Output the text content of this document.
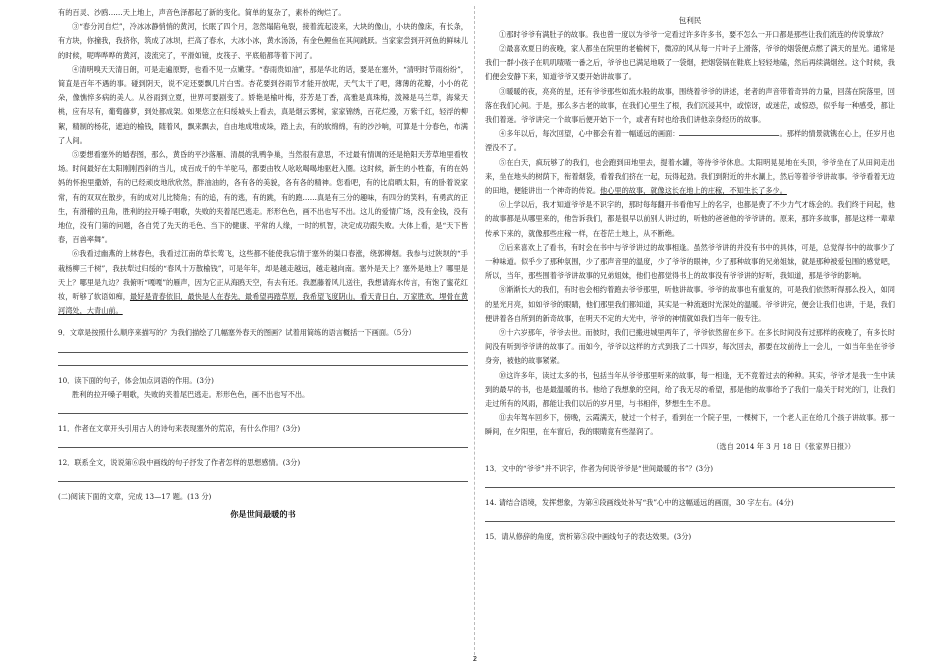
有的百灵、沙鸥……天上地上，声音色泽都起了新的变化。简单的复杂了，素朴的绚烂了。

③“春分河自烂”，冷冰冰静悄悄的黄河，长眠了四个月，忽然塌陷龟裂，接着流起凌来，大块的像山，小块的像床，有长条，有方块，你撞我，我挤你，筑成了冰坝，拦高了春水，大冰小冰，黄水汤汤，有金色鲤鱼在其间跳跃。当家家尝到开河鱼的鲜味儿的时候，呢哗哗哗的黄河，凌流完了，平滑如镜，皮筏子、平底船都等着下河了。

④清明嗅天天清日朗，可是走遍原野，也看不见一点嫩芽。“春雨贵如油”，那是华北的话，要是在塞外，“清明时节雨纷纷”，简直是百年不遇的事。碰到阴天，说不定还要飘几片白雪。杏花要到谷雨节才能开放呢，天气太干了吧，薄薄的花瓣，小小的花朵，像憔悴多病的美人。从谷雨到立夏，世界可要剧变了。娇艳是榆叶梅，芬芳是丁香，高雅是真珠梅，泼辣是马兰草，海棠天桃，应有尽有，葡萄藤萝，到处都成架。如果您立在归绥城头上看去，真是烟云雾树，家家锦绣，百花烂漫，万紫千红，轻浮的柳絮，精制的杨花，遮迫的榆钱，随着风，飘来飘去，自由地成堆成垛，踏上去，有的软绵绵，有的沙沙响，可算是十分春色，布满了人间。

⑤要想看塞外的婚春图，那么，黄昏的平沙落雁、清晨的乳鸭争巢，当然很有意思，不过最有情调的还是艳阳天芳草地里看牧场。时间最好在太阳刚刚西斜的当儿，成百成千的牛羊驼马，都要由牧人吆吆喝喝地驱赶入圈。这时候，新生的小牲畜，有的在妈妈的怀抱里撒娇，有的已经顽皮地欣欣然，胖油油的，各有各的美貌，各有各的精神。您看吧，有的比肩晒太阳，有的卧着说家常，有的双双在散步，有的成对儿比犄角；有的追，有的逃，有的跳，有的跑……真是有三分的趣味，有四分的笑料，有勇武的正生，有滑稽的丑角，胜利的拉开嗓子唱歌，失败的夹着尾巴逃走。形形色色，画不出也写不出。这儿的爱情广场，没有金钱，没有地位，没有门第的问题，各自凭了先天的毛色、当下的健康、平常的人缘，一时的机智，决定成功跟失败。大体上看，是“天下皆春，百兽率舞”。

⑥我看过幽燕的上林春色，我看过江南的草长莺飞，这些都不能使我忘情于塞外的渠口春涨，绕郭柳烟。我参与过陕坝的“手栽杨柳三千树”，我扶犁过归绥的“春风十万散榆钱”，可是年年，却是越走越远，越走越向南。塞外是天上？塞外是地上？哪里是天上？哪里是九边？我俯听“嘎嘎”的雁声，因为它正从海鸥天空，有去有还。我愿藤着风儿送往，我想请海水传言，有饱了蜜花红妆，听够了软语如痴，最好是青春依旧，最快是人在春先，最希望再踏草原，我希望飞度阴山，看天青日白，万家胜欢，埋骨在黄河湾处，大青山前。

9．文章是按照什么顺序来描写的？为我们描绘了几幅塞外春天的图画？试着用简练的语言概括一下画面。（5分）

10．读下面的句子，体会加点词语的作用。(3分)

胜利的拉开嗓子唱歌，失败的夹着尾巴逃走。形形色色，画不出也写不出。

11．作者在文章开头引用古人的诗句来表现塞外的荒凉，有什么作用？(3分)

12．联系全文，说说第⑥段中画线的句子抒发了作者怎样的思想感情。(3分)

(二)阅读下面的文章，完成 13—17 题。(13 分)

你是世间最暖的书

包利民

①那时爷爷有满肚子的故事。我也曾一度以为爷爷一定看过许多许多书，要不怎么一开口都是那些让我们流连的传说掌故？

②最喜欢夏日的夜晚，家人都坐在院里的老榆树下，微凉的风从每一片叶子上滑落，爷爷的烟袋便点燃了满天的星光。通常是我们一群小孩子在叽叽喳喳一番之后，爷爷也已满足地吸了一袋烟，把烟袋锅在鞋底上轻轻地磕，然后再续满烟丝。这个时候，我们便会安静下来，知道爷爷又要开始讲故事了。

③暖暖的夜，亮亮的星，还有爷爷那些如流水般的故事，围绕着爷爷的讲述，老者的声音带着奇异的力量，回荡在院落里，回落在我们心间。于是，那么多古老的故事，在我们心里生了根，我们沉浸其中，或惊讶，或迷茫，或惊恐，似乎每一种感受，都让我们着迷。爷爷讲完一个故事后便开始下一个，或者有时也给我们讲他亲身经历的故事。

④多年以后，每次回望，心中都会有着一幅遥远的画面：	。那样的情景就镌在心上，任岁月也湮没不了。

⑤在白天，疯玩够了的我们，也会跑到田地里去，提着水罐，等待爷爷休息。太阳明晃晃地在头顶，爷爷坐在了从田间走出来，坐在地头的树荫下，衔着烟袋，看着我们挤在一起，玩得起劲。我们到附近的井水涮上，然后等着爷爷讲故事。爷爷看着无边的田地，便能讲出一个神奇的传说。他心里的故事，就像这长在地上的庄稼，不知生长了多少。

⑥上学以后，我才知道爷爷是不识字的，那时每每翻开书看他写上的名字，也都是费了不少力气才练会的。我们终于问起，他的故事都是从哪里来的，他告诉我们，都是很早以前别人讲过的，听他的爸爸他的爷爷讲的。原来，那许多故事，都是这样一辈辈传承下来的，就像那些庄稼一样，在苍茫土地上，从不断绝。

⑦后来喜欢上了看书，有时会在书中与爷爷讲过的故事相逢。虽然爷爷讲的并没有书中的具体，可是，总觉得书中的故事少了一种味道。似乎少了那种氛围，少了那声音里的温度，少了爷爷的眼神，少了那种故事的兄弟姐妹，就是那种被爱包围的感觉吧，所以，当年，那些围着爷爷讲故事的兄弟姐妹，他们也都觉得书上的故事没有爷爷讲的好听，我知道，那是爷爷的影响。

⑧渐渐长大的我们，有时也会相约着跑去爷爷那里，听他讲故事。爷爷的故事也有重复的，可是我们依然听得那么投入，如同的星光月亮，如如爷爷的眼睛，他们那里我们都知道，其实是一种流逝时光深处的温暖。爷爷讲完，便会让我们也讲，于是，我们便讲着各自所到的新奇故事，在明天不定的大光中，爷爷的神情就如我们当年一般专注。

⑨十六岁那年，爷爷去世。而彼时，我们已搬进城里两年了，爷爷依然留在乡下。在多长时间没有过那样的夜晚了，有多长时间没有听到爷爷讲的故事了。而如今，爷爷以这样的方式到我了二十四岁，每次回去，都要在坟前待上一会儿，一如当年坐在爷爷身旁，被他的故事紧紧。

⑩这许多年，读过太多的书，包括当年从爷爷那里听来的故事，每一相逢，无不竟着过去的种种。其实，爷爷才是我一生中读到的最早的书，也是最温暖的书。他给了我想象的空间，给了我无尽的希望，那是他的故事给予了我们一扇关于时光的门，让我们走过所有的风雨，都能让我们以后的岁月里，与书相伴，梦想生生不息。

⑪去年驾车回乡下，傍晚，云霞满天，驶过一个村子，看到在一个院子里，一棵树下，一个老人正在给几个孩子讲故事。那一瞬间，在夕阳里，在车窗后，我的眼睛竟有些湿润了。

（选自 2014 年 3 月 18 日《张家界日报》）

13．文中的“爷爷”并不识字，作者为何说爷爷是“世间最暖的书”？(3分)

14. 请结合语境，发挥想象，为第④段画线处补写“我”心中的这幅遥远的画面，30 字左右。(4分)

15．请从修辞的角度，赏析第⑤段中画线句子的表达效果。(3分)

2
